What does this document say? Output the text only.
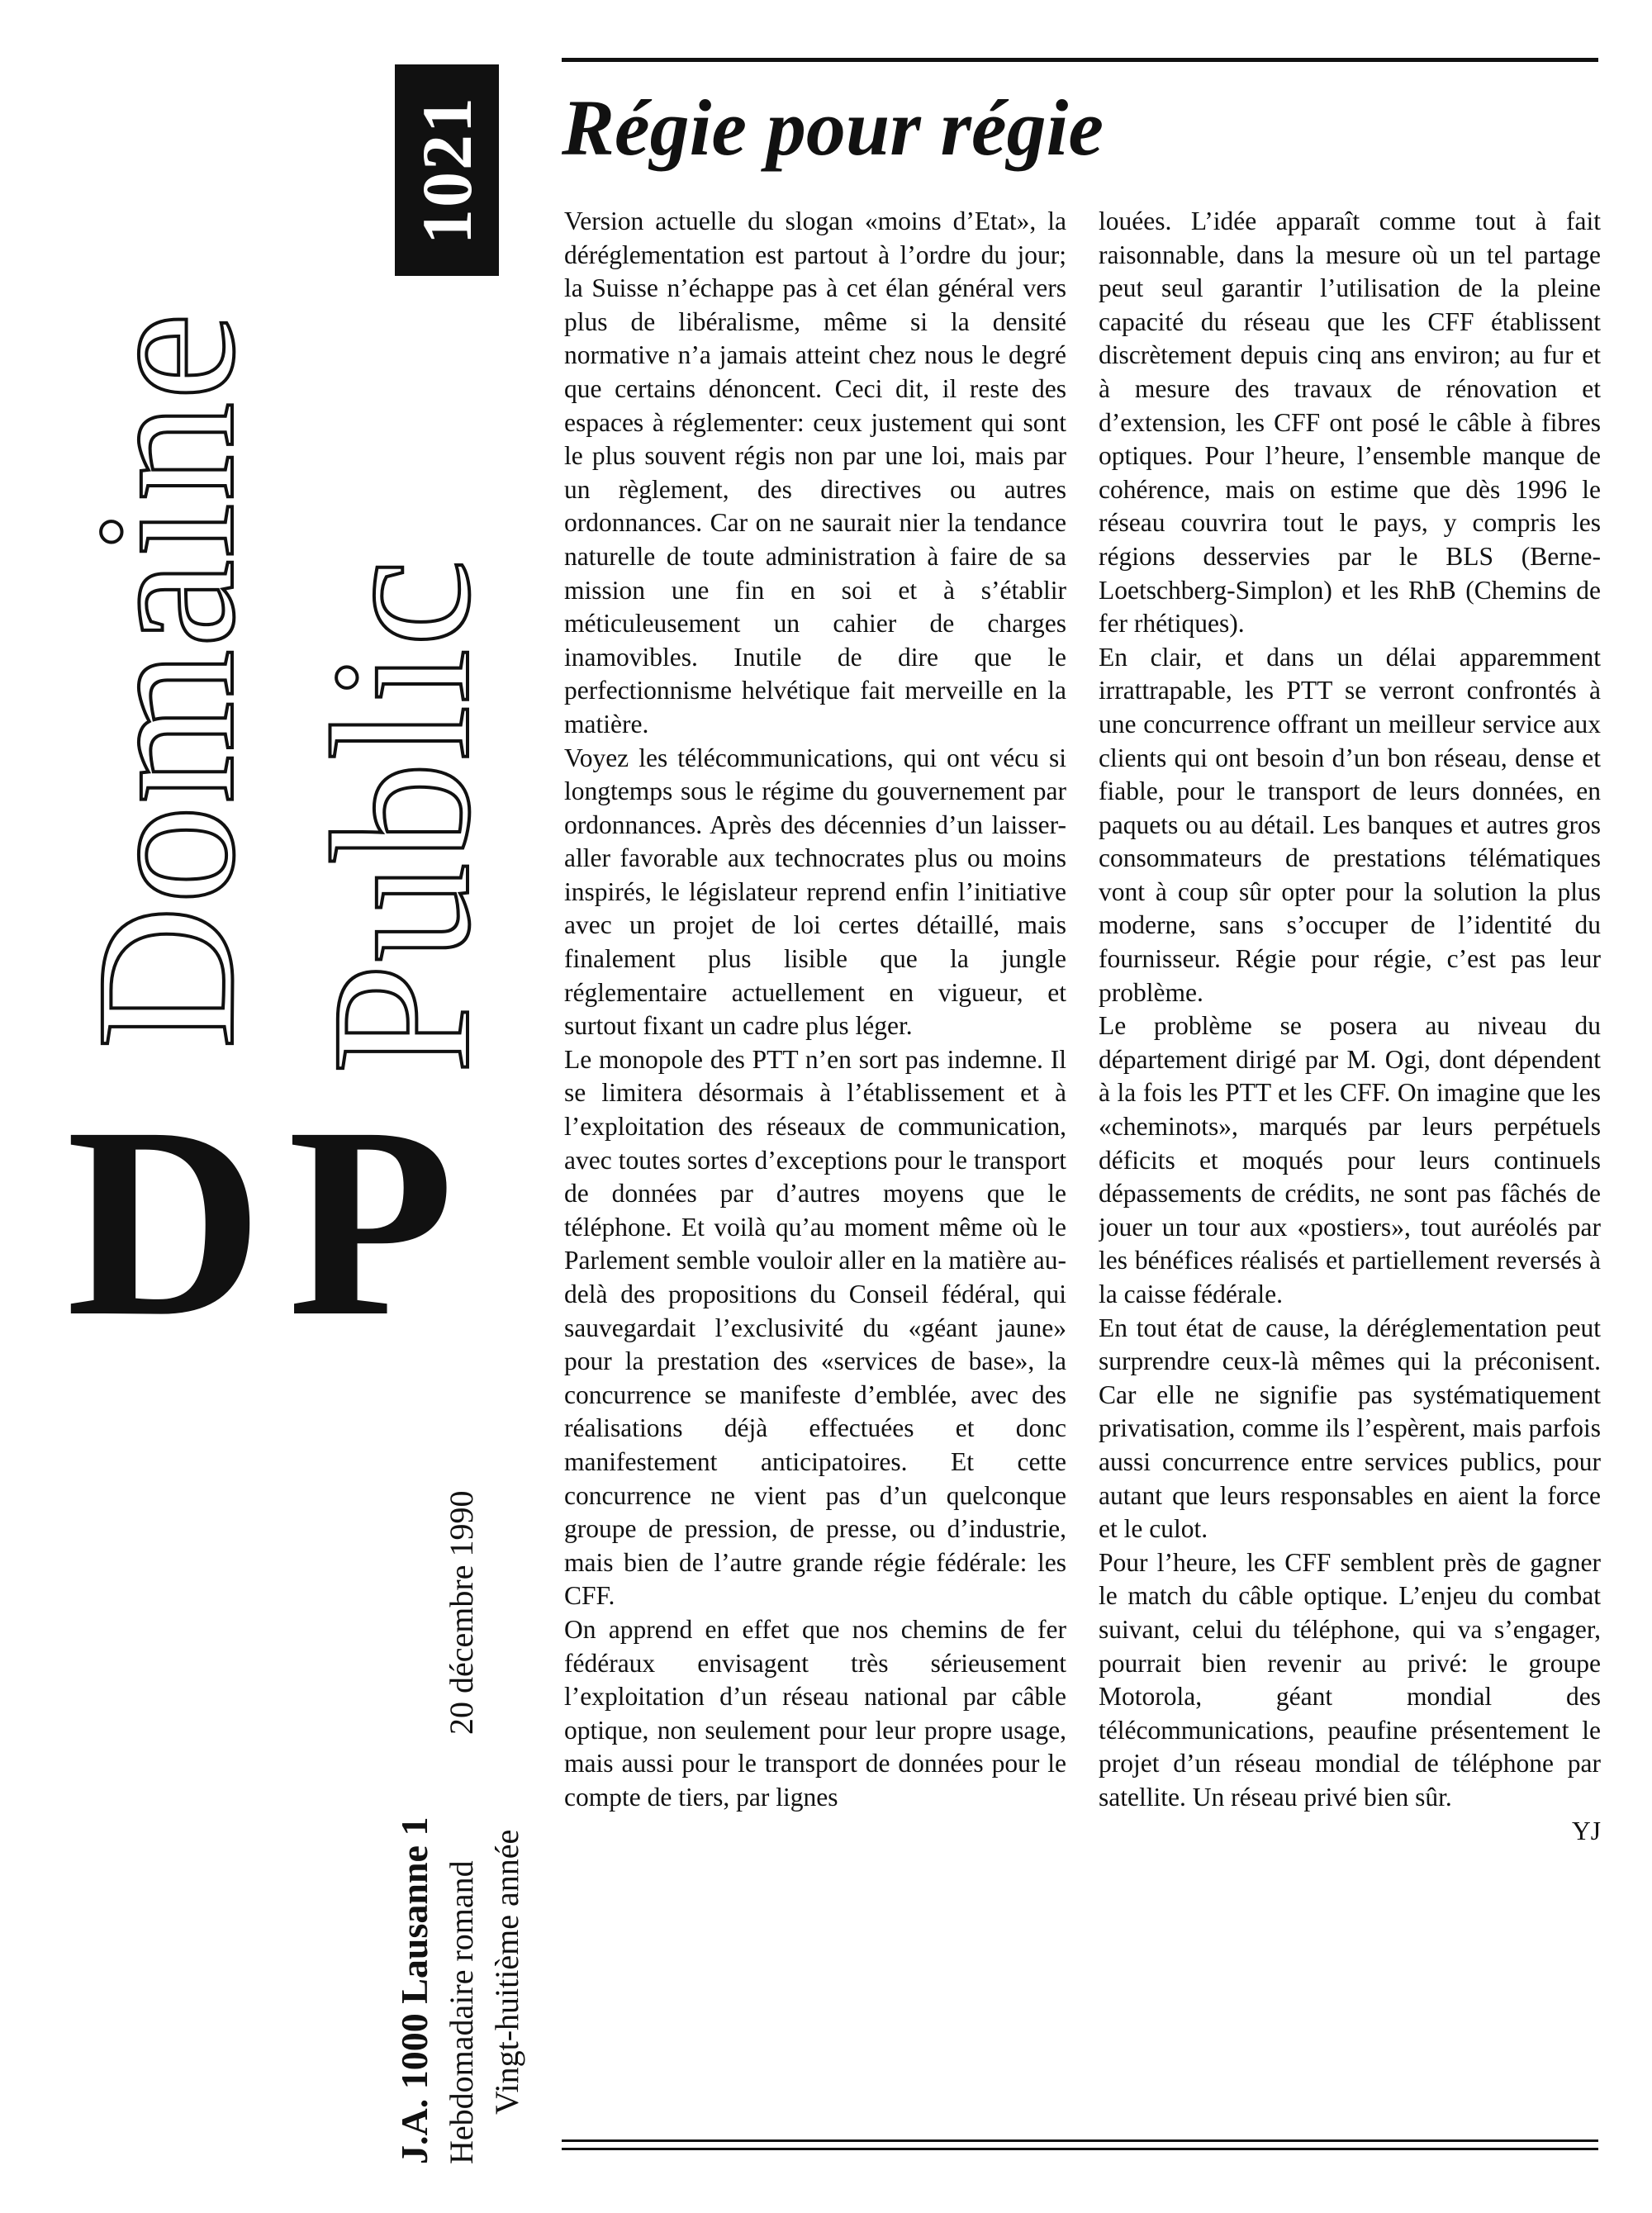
Domaine Public
1021
DP
J.A. 1000 Lausanne 1 Hebdomadaire romand
20 décembre 1990
Vingt-huitième année
Régie pour régie

Version actuelle du slogan «moins d’Etat», la déréglementation est partout à l’ordre du jour; la Suisse n’échappe pas à cet élan général vers plus de libéralisme, même si la densité normative n’a jamais atteint chez nous le degré que certains dénoncent. Ceci dit, il reste des espaces à réglementer: ceux justement qui sont le plus souvent régis non par une loi, mais par un règlement, des directives ou autres ordonnances. Car on ne saurait nier la tendance naturelle de toute administration à faire de sa mission une fin en soi et à s’établir méticuleusement un cahier de charges inamovibles. Inutile de dire que le perfectionnisme helvétique fait merveille en la matière.

Voyez les télécommunications, qui ont vécu si longtemps sous le régime du gouvernement par ordonnances. Après des décennies d’un laisser-aller favorable aux technocrates plus ou moins inspirés, le législateur reprend enfin l’initiative avec un projet de loi certes détaillé, mais finalement plus lisible que la jungle réglementaire actuellement en vigueur, et surtout fixant un cadre plus léger.

Le monopole des PTT n’en sort pas indemne. Il se limitera désormais à l’établissement et à l’exploitation des réseaux de communication, avec toutes sortes d’exceptions pour le transport de données par d’autres moyens que le téléphone. Et voilà qu’au moment même où le Parlement semble vouloir aller en la matière au-delà des propositions du Conseil fédéral, qui sauvegardait l’exclusivité du «géant jaune» pour la prestation des «services de base», la concurrence se manifeste d’emblée, avec des réalisations déjà effectuées et donc manifestement anticipatoires. Et cette concurrence ne vient pas d’un quelconque groupe de pression, de presse, ou d’industrie, mais bien de l’autre grande régie fédérale: les CFF.

On apprend en effet que nos chemins de fer fédéraux envisagent très sérieusement l’exploitation d’un réseau national par câble optique, non seulement pour leur propre usage, mais aussi pour le transport de données pour le compte de tiers, par lignes

louées. L’idée apparaît comme tout à fait raisonnable, dans la mesure où un tel partage peut seul garantir l’utilisation de la pleine capacité du réseau que les CFF établissent discrètement depuis cinq ans environ; au fur et à mesure des travaux de rénovation et d’extension, les CFF ont posé le câble à fibres optiques. Pour l’heure, l’ensemble manque de cohérence, mais on estime que dès 1996 le réseau couvrira tout le pays, y compris les régions desservies par le BLS (Berne-Loetschberg-Simplon) et les RhB (Chemins de fer rhétiques).

En clair, et dans un délai apparemment irrattrapable, les PTT se verront confrontés à une concurrence offrant un meilleur service aux clients qui ont besoin d’un bon réseau, dense et fiable, pour le transport de leurs données, en paquets ou au détail. Les banques et autres gros consommateurs de prestations télématiques vont à coup sûr opter pour la solution la plus moderne, sans s’occuper de l’identité du fournisseur. Régie pour régie, c’est pas leur problème.

Le problème se posera au niveau du département dirigé par M. Ogi, dont dépendent à la fois les PTT et les CFF. On imagine que les «cheminots», marqués par leurs perpétuels déficits et moqués pour leurs continuels dépassements de crédits, ne sont pas fâchés de jouer un tour aux «postiers», tout auréolés par les bénéfices réalisés et partiellement reversés à la caisse fédérale.

En tout état de cause, la déréglementation peut surprendre ceux-là mêmes qui la préconisent. Car elle ne signifie pas systématiquement privatisation, comme ils l’espèrent, mais parfois aussi concurrence entre services publics, pour autant que leurs responsables en aient la force et le culot.

Pour l’heure, les CFF semblent près de gagner le match du câble optique. L’enjeu du combat suivant, celui du téléphone, qui va s’engager, pourrait bien revenir au privé: le groupe Motorola, géant mondial des télécommunications, peaufine présentement le projet d’un réseau mondial de téléphone par satellite. Un réseau privé bien sûr.

YJ
